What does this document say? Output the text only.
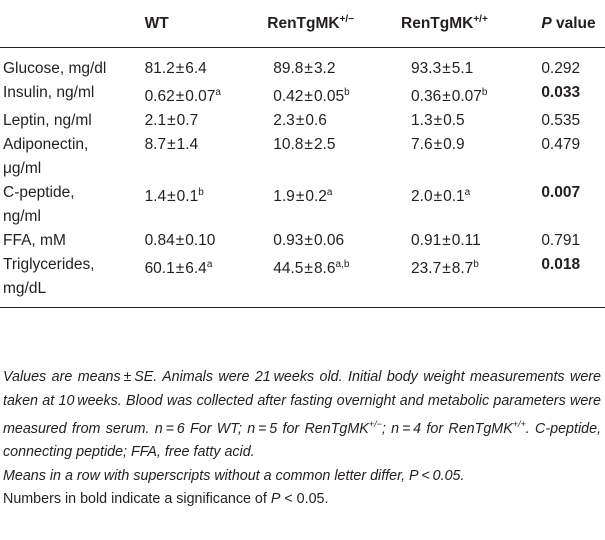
	WT	RenTgMK+/−	RenTgMK+/+	P value

Glucose, mg/dl	81.2±6.4	89.8±3.2	93.3±5.1	0.292

Insulin, ng/ml	0.62±0.07$^a$	0.42±0.05$^b$	0.36±0.07$^b$	0.033

Leptin, ng/ml	2.1±0.7	2.3±0.6	1.3±0.5	0.535

Adiponectin,
μg/ml	8.7±1.4	10.8±2.5	7.6±0.9	0.479

C-peptide,
ng/ml	1.4±0.1$^b$	1.9±0.2$^a$	2.0±0.1$^a$	0.007

FFA, mM	0.84±0.10	0.93±0.06	0.91±0.11	0.791

Triglycerides,
mg/dL	60.1±6.4$^a$	$44.5\pm 8.6^{a,b}$	23.7±8.7$^b$	0.018

Values are means ± SE. Animals were 21 weeks old. Initial body weight measurements were taken at 10 weeks. Blood was collected after fasting overnight and metabolic parameters were measured from serum. n = 6 For WT; n = 5 for RenTgMK+/−; n = 4 for RenTgMK+/+. C-peptide, connecting peptide; FFA, free fatty acid.

Means in a row with superscripts without a common letter differ, P < 0.05.

Numbers in bold indicate a significance of P < 0.05.
